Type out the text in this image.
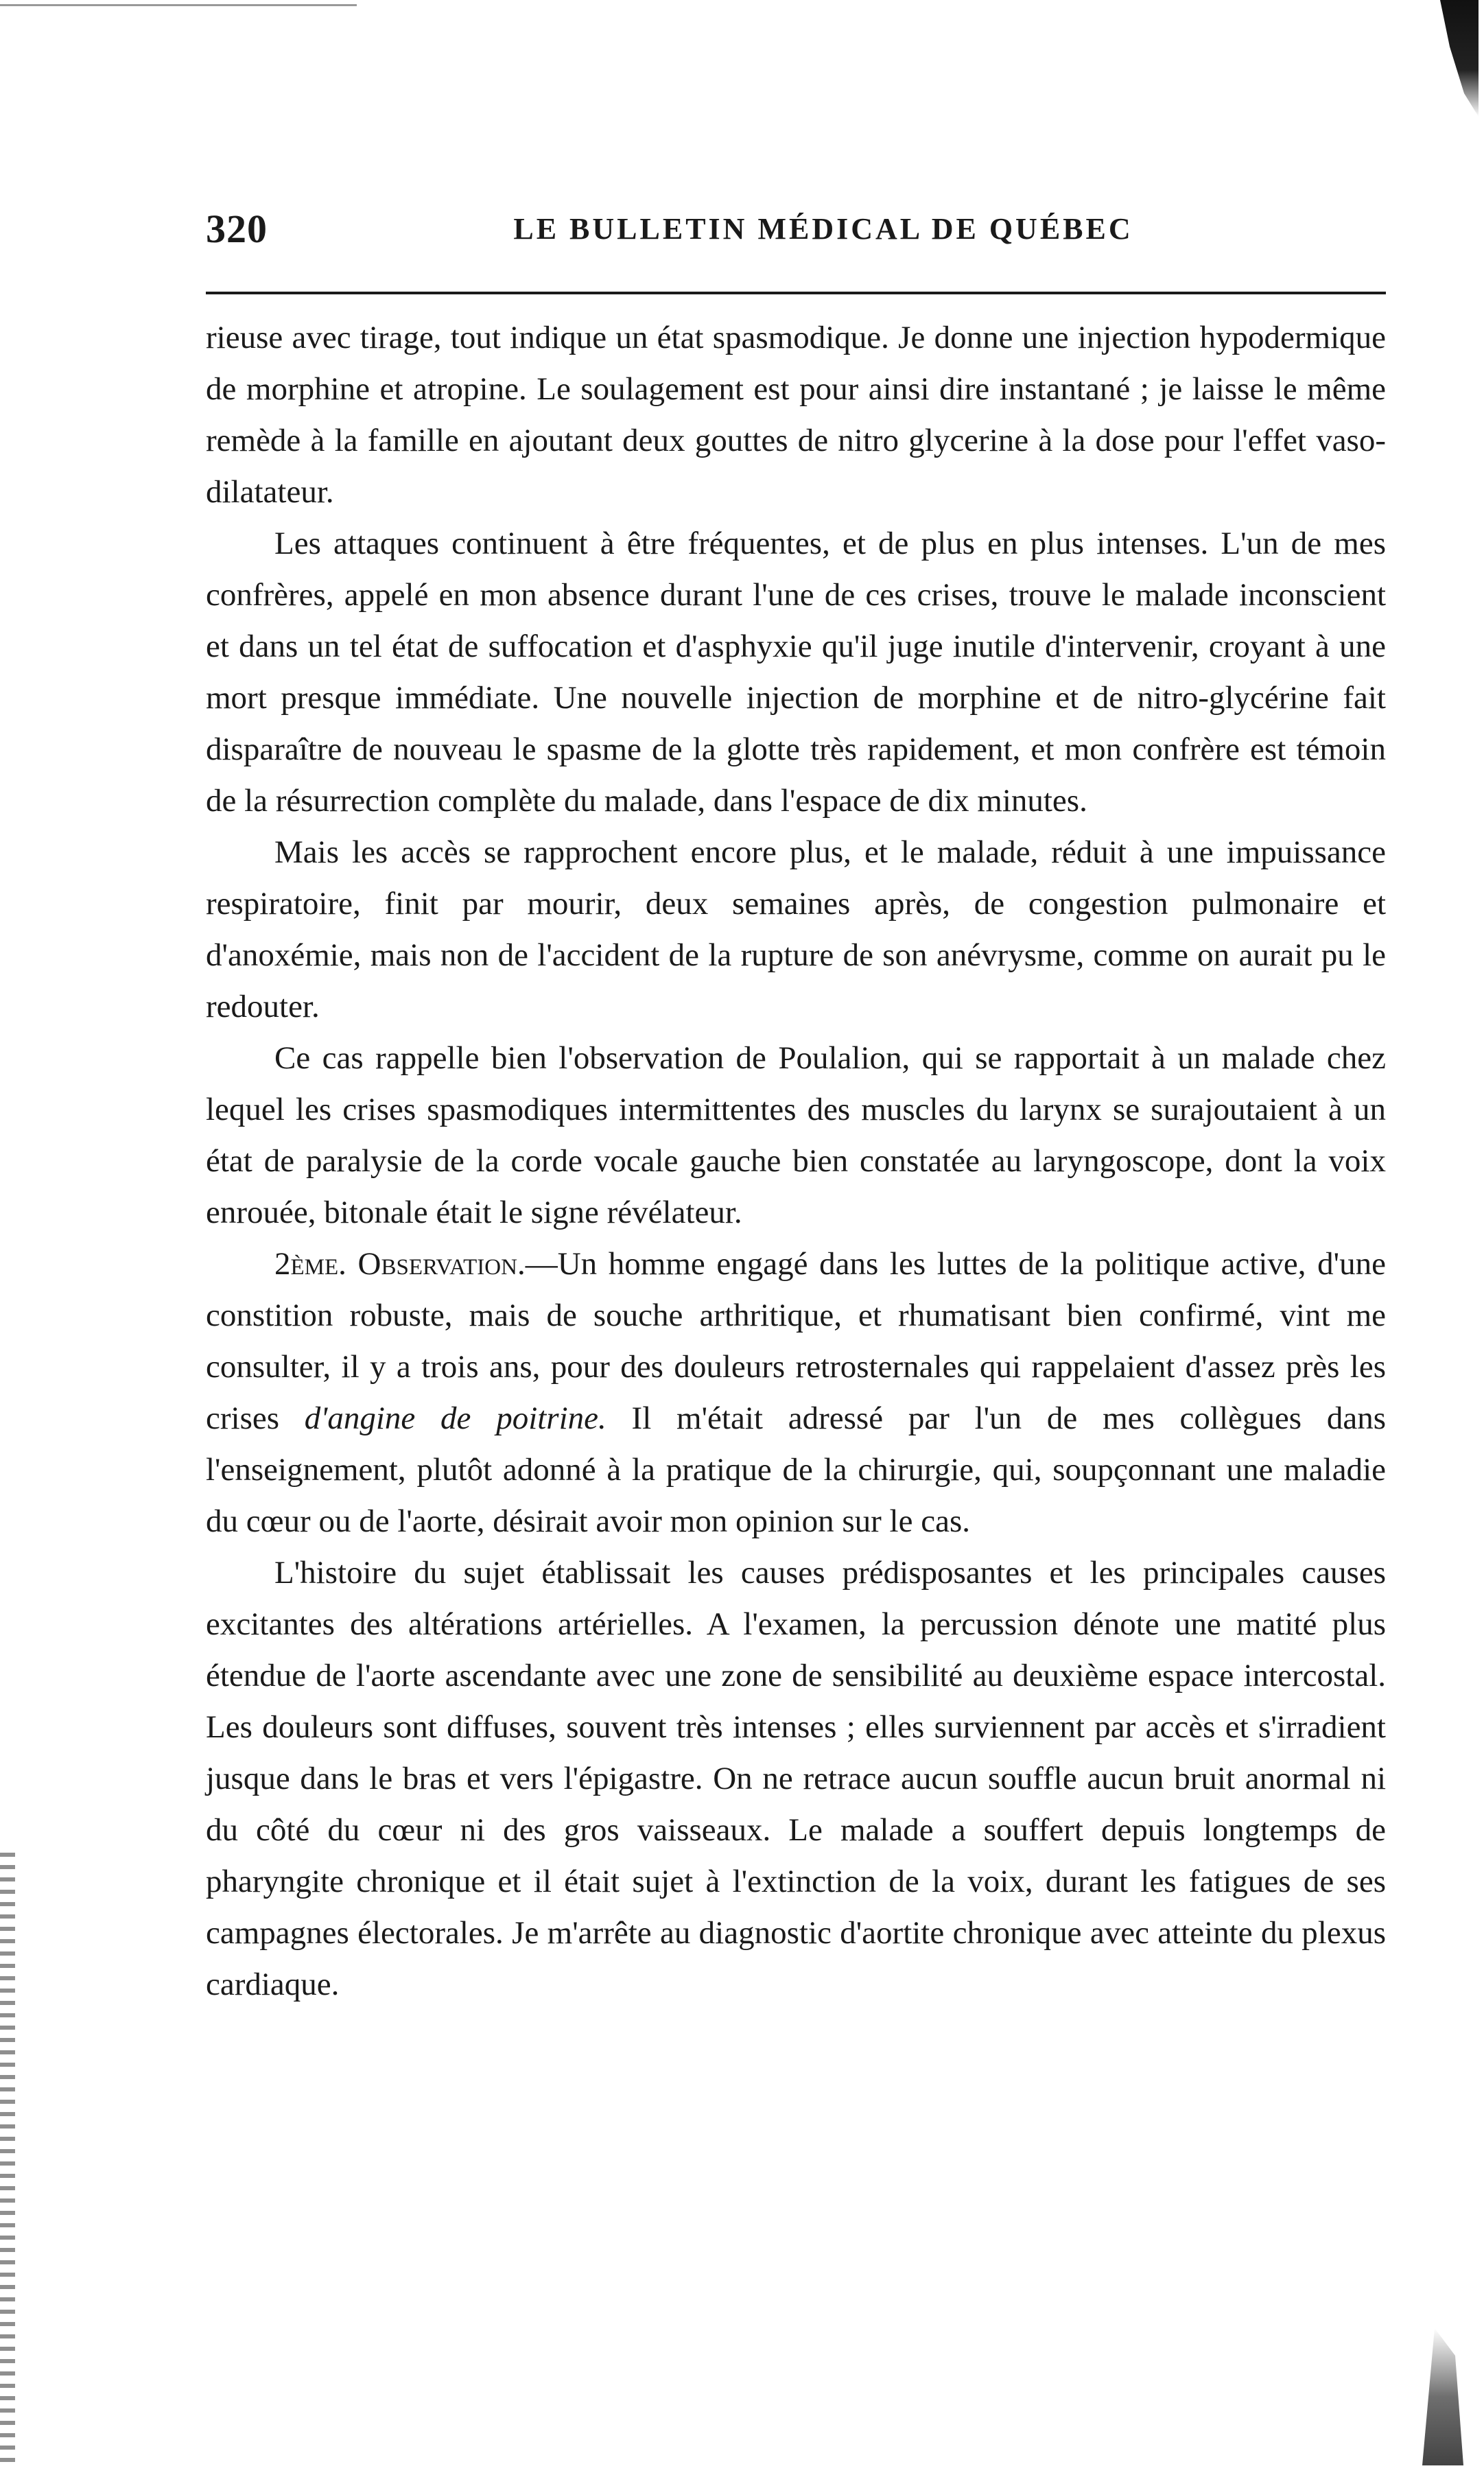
320	LE BULLETIN MÉDICAL DE QUÉBEC

rieuse avec tirage, tout indique un état spasmodique. Je donne une injection hypodermique de morphine et atropine. Le soulagement est pour ainsi dire instantané ; je laisse le même remède à la famille en ajoutant deux gouttes de nitro glycerine à la dose pour l'effet vaso-dilatateur.

Les attaques continuent à être fréquentes, et de plus en plus intenses. L'un de mes confrères, appelé en mon absence durant l'une de ces crises, trouve le malade inconscient et dans un tel état de suffocation et d'asphyxie qu'il juge inutile d'intervenir, croyant à une mort presque immédiate. Une nouvelle injection de morphine et de nitro-glycérine fait disparaître de nouveau le spasme de la glotte très rapidement, et mon confrère est témoin de la résurrection complète du malade, dans l'espace de dix minutes.

Mais les accès se rapprochent encore plus, et le malade, réduit à une impuissance respiratoire, finit par mourir, deux semaines après, de congestion pulmonaire et d'anoxémie, mais non de l'accident de la rupture de son anévrysme, comme on aurait pu le redouter.

Ce cas rappelle bien l'observation de Poulalion, qui se rapportait à un malade chez lequel les crises spasmodiques intermittentes des muscles du larynx se surajoutaient à un état de paralysie de la corde vocale gauche bien constatée au laryngoscope, dont la voix enrouée, bitonale était le signe révélateur.

2ème. Observation.—Un homme engagé dans les luttes de la politique active, d'une constition robuste, mais de souche arthritique, et rhumatisant bien confirmé, vint me consulter, il y a trois ans, pour des douleurs retrosternales qui rappelaient d'assez près les crises d'angine de poitrine. Il m'était adressé par l'un de mes collègues dans l'enseignement, plutôt adonné à la pratique de la chirurgie, qui, soupçonnant une maladie du cœur ou de l'aorte, désirait avoir mon opinion sur le cas.

L'histoire du sujet établissait les causes prédisposantes et les principales causes excitantes des altérations artérielles. A l'examen, la percussion dénote une matité plus étendue de l'aorte ascendante avec une zone de sensibilité au deuxième espace intercostal. Les douleurs sont diffuses, souvent très intenses ; elles surviennent par accès et s'irradient jusque dans le bras et vers l'épigastre. On ne retrace aucun souffle aucun bruit anormal ni du côté du cœur ni des gros vaisseaux. Le malade a souffert depuis longtemps de pharyngite chronique et il était sujet à l'extinction de la voix, durant les fatigues de ses campagnes électorales. Je m'arrête au diagnostic d'aortite chronique avec atteinte du plexus cardiaque.
